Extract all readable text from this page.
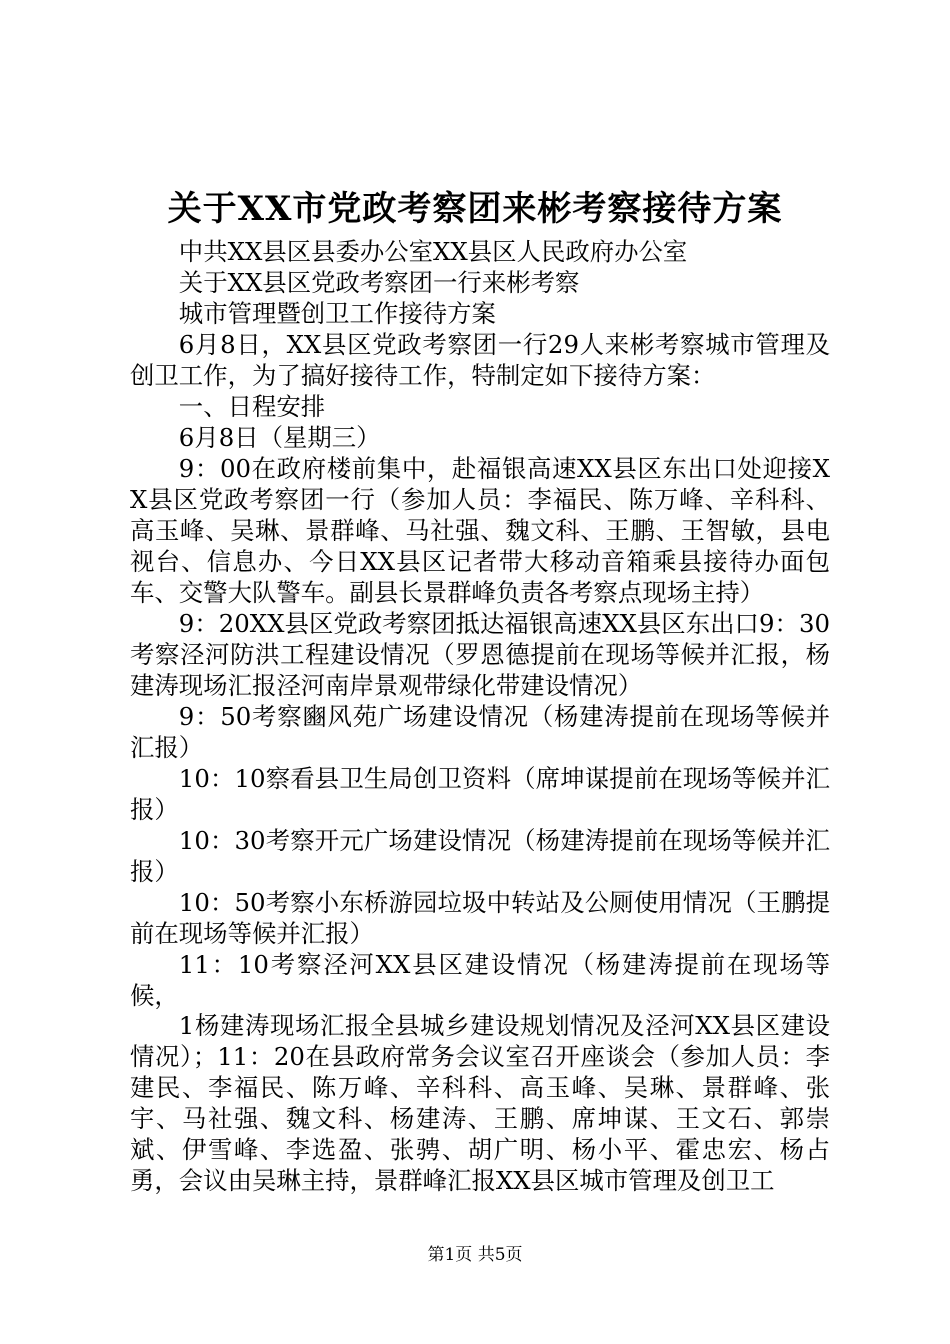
关于XX市党政考察团来彬考察接待方案

中共XX县区县委办公室XX县区人民政府办公室

关于XX县区党政考察团一行来彬考察

城市管理暨创卫工作接待方案

6月8日，XX县区党政考察团一行29人来彬考察城市管理及创卫工作，为了搞好接待工作，特制定如下接待方案：

一、日程安排

6月8日（星期三）

9：00在政府楼前集中，赴福银高速XX县区东出口处迎接XX县区党政考察团一行（参加人员：李福民、陈万峰、辛科科、高玉峰、吴琳、景群峰、马社强、魏文科、王鹏、王智敏，县电视台、信息办、今日XX县区记者带大移动音箱乘县接待办面包车、交警大队警车。副县长景群峰负责各考察点现场主持）

9：20XX县区党政考察团抵达福银高速XX县区东出口9：30考察泾河防洪工程建设情况（罗恩德提前在现场等候并汇报，杨建涛现场汇报泾河南岸景观带绿化带建设情况）

9：50考察豳风苑广场建设情况（杨建涛提前在现场等候并汇报）

10：10察看县卫生局创卫资料（席坤谋提前在现场等候并汇报）

10：30考察开元广场建设情况（杨建涛提前在现场等候并汇报）

10：50考察小东桥游园垃圾中转站及公厕使用情况（王鹏提前在现场等候并汇报）

11：10考察泾河XX县区建设情况（杨建涛提前在现场等候，

1杨建涛现场汇报全县城乡建设规划情况及泾河XX县区建设情况）；11：20在县政府常务会议室召开座谈会（参加人员：李建民、李福民、陈万峰、辛科科、高玉峰、吴琳、景群峰、张宇、马社强、魏文科、杨建涛、王鹏、席坤谋、王文石、郭崇斌、伊雪峰、李选盈、张骋、胡广明、杨小平、霍忠宏、杨占勇，会议由吴琳主持，景群峰汇报XX县区城市管理及创卫工

第1页 共5页
